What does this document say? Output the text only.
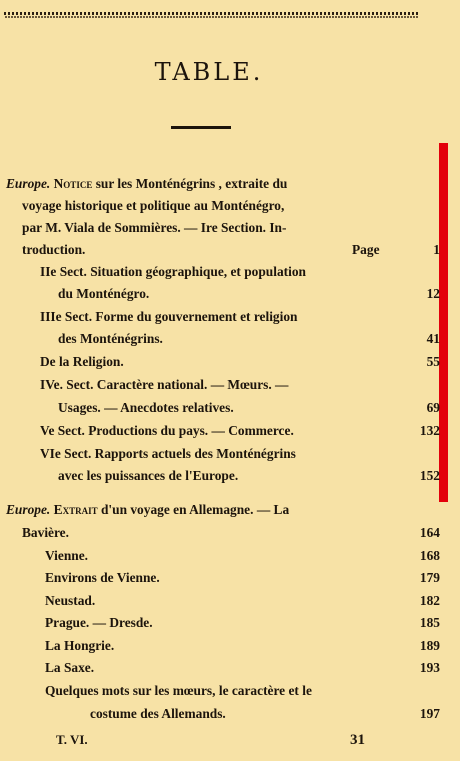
TABLE.
Europe. Notice sur les Monténégrins , extraite du
voyage historique et politique au Monténégro,
par M. Viala de Sommières. — Ire Section. In-
troduction.	Page	1
IIe Sect. Situation géographique, et population
du Monténégro.	12
IIIe Sect. Forme du gouvernement et religion
des Monténégrins.	41
De la Religion.	55
IVe. Sect. Caractère national. — Mœurs. —
Usages. — Anecdotes relatives.	69
Ve Sect. Productions du pays. — Commerce.	132
VIe Sect. Rapports actuels des Monténégrins
avec les puissances de l'Europe.	152
Europe. Extrait d'un voyage en Allemagne. — La
Bavière.	164
Vienne.	168
Environs de Vienne.	179
Neustad.	182
Prague. — Dresde.	185
La Hongrie.	189
La Saxe.	193
Quelques mots sur les mœurs, le caractère et le
costume des Allemands.	197
T. VI.	31
